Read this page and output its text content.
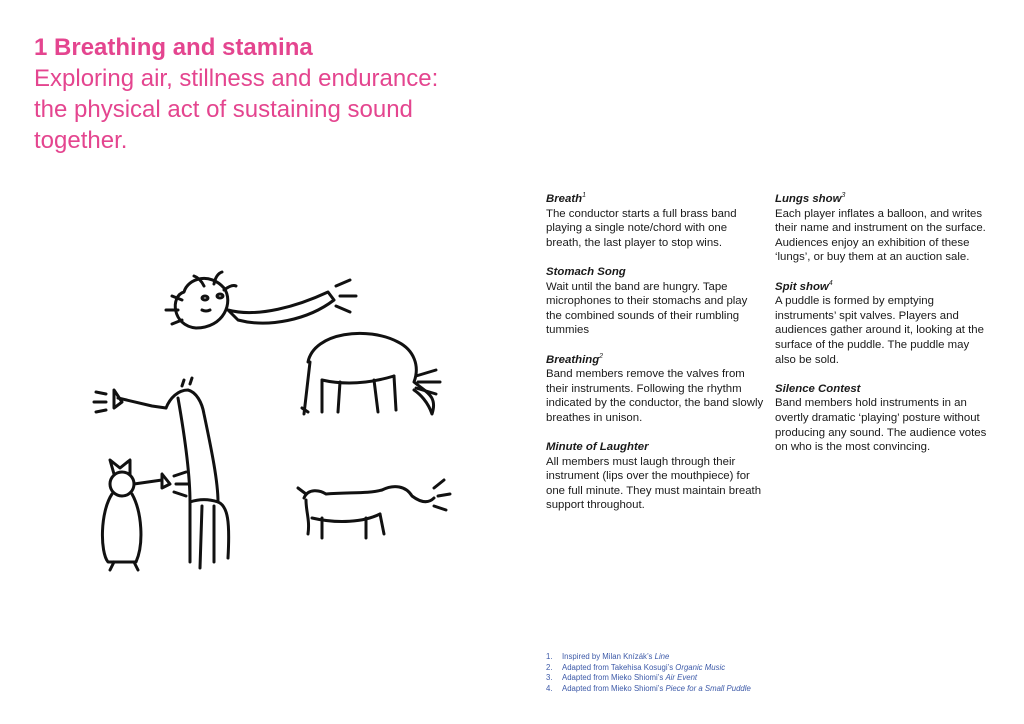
1 Breathing and stamina
Exploring air, stillness and endurance: the physical act of sustaining sound together.
Breath$^1$
The conductor starts a full brass band playing a single note/chord with one breath, the last player to stop wins.
Stomach Song
Wait until the band are hungry. Tape microphones to their stomachs and play the combined sounds of their rumbling tummies
Breathing$^2$
Band members remove the valves from their instruments. Following the rhythm indicated by the conductor, the band slowly breathes in unison.
Minute of Laughter
All members must laugh through their instrument (lips over the mouthpiece) for one full minute. They must maintain breath support throughout.
Lungs show$^3$
Each player inflates a balloon, and writes their name and instrument on the surface. Audiences enjoy an exhibition of these ‘lungs’, or buy them at an auction sale.
Spit show$^4$
A puddle is formed by emptying instruments’ spit valves. Players and audiences gather around it, looking at the surface of the puddle. The puddle may also be sold.
Silence Contest
Band members hold instruments in an overtly dramatic ‘playing’ posture without producing any sound. The audience votes on who is the most convincing.
1.	Inspired by Milan Knízák’s Line
2.	Adapted from Takehisa Kosugi’s Organic Music
3.	Adapted from Mieko Shiomi’s Air Event
4.	Adapted from Mieko Shiomi’s Piece for a Small Puddle
